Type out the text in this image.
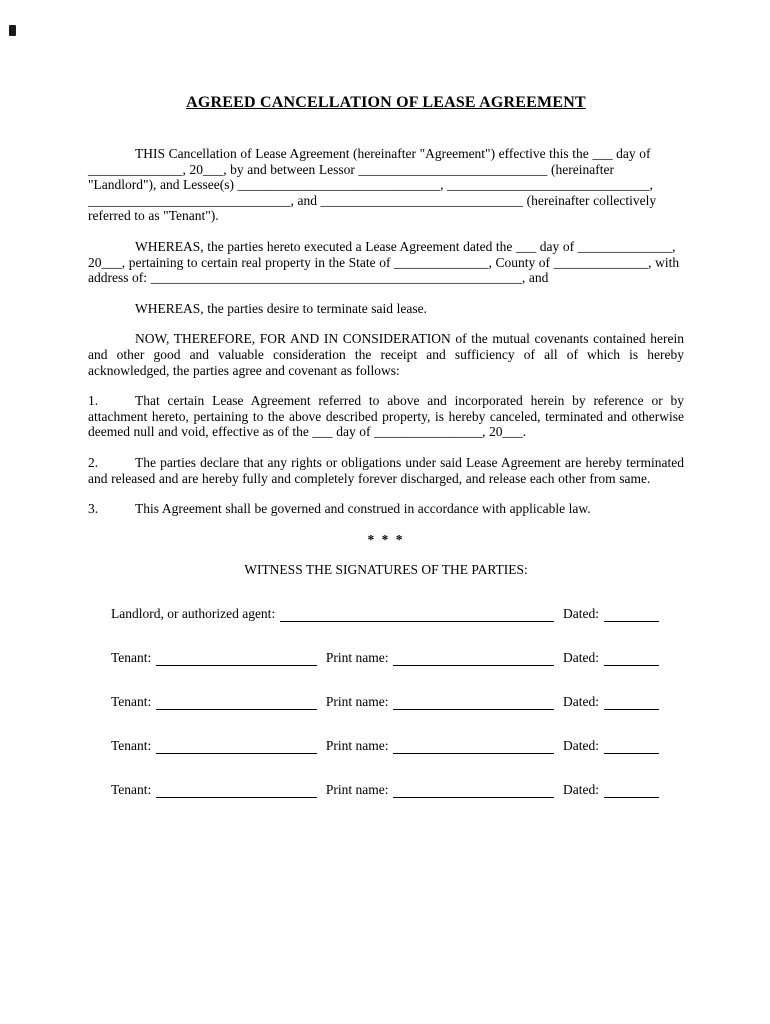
AGREED CANCELLATION OF LEASE AGREEMENT

THIS Cancellation of Lease Agreement (hereinafter "Agreement") effective this the ___ day of ______________, 20___, by and between Lessor ____________________________ (hereinafter "Landlord"), and Lessee(s) ______________________________, ______________________________, ______________________________, and ______________________________ (hereinafter collectively referred to as "Tenant").

WHEREAS, the parties hereto executed a Lease Agreement dated the ___ day of ______________, 20___, pertaining to certain real property in the State of ______________, County of ______________, with address of: _______________________________________________________, and

WHEREAS, the parties desire to terminate said lease.

NOW, THEREFORE, FOR AND IN CONSIDERATION of the mutual covenants contained herein and other good and valuable consideration the receipt and sufficiency of all of which is hereby acknowledged, the parties agree and covenant as follows:

1.	That certain Lease Agreement referred to above and incorporated herein by reference or by attachment hereto, pertaining to the above described property, is hereby canceled, terminated and otherwise deemed null and void, effective as of the ___ day of ________________, 20___.

2.	The parties declare that any rights or obligations under said Lease Agreement are hereby terminated and released and are hereby fully and completely forever discharged, and release each other from same.

3.	This Agreement shall be governed and construed in accordance with applicable law.

* * *

WITNESS THE SIGNATURES OF THE PARTIES:

Landlord, or authorized agent:	Dated:
Tenant:	Print name:	Dated:
Tenant:	Print name:	Dated:
Tenant:	Print name:	Dated:
Tenant:	Print name:	Dated:
